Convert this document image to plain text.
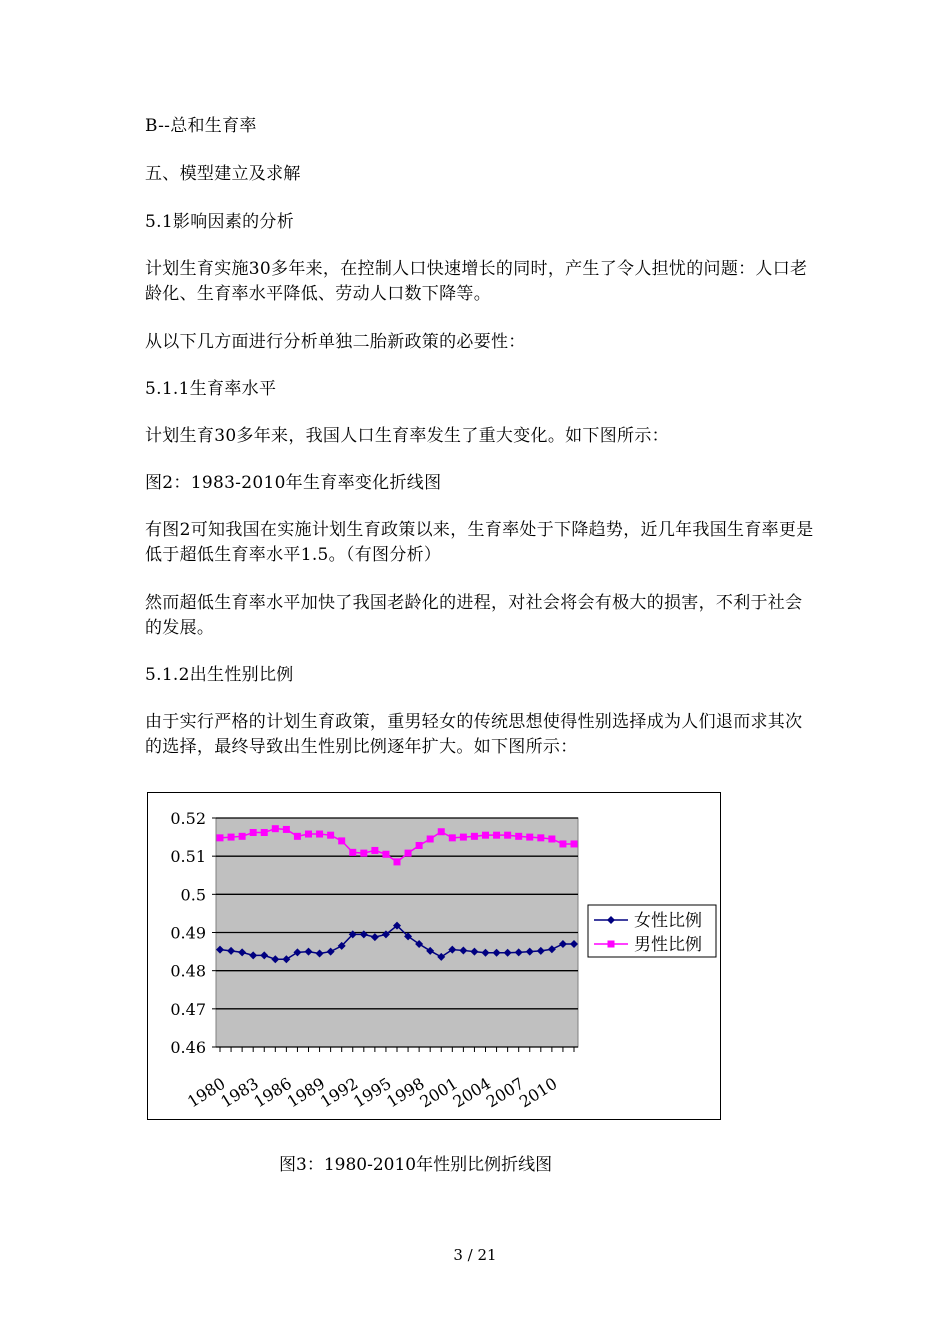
B--总和生育率

五、模型建立及求解

5.1影响因素的分析

计划生育实施30多年来，在控制人口快速增长的同时，产生了令人担忧的问题：人口老龄化、生育率水平降低、劳动人口数下降等。

从以下几方面进行分析单独二胎新政策的必要性：

5.1.1生育率水平

计划生育30多年来，我国人口生育率发生了重大变化。如下图所示：

图2：1983-2010年生育率变化折线图

有图2可知我国在实施计划生育政策以来，生育率处于下降趋势，近几年我国生育率更是低于超低生育率水平1.5。（有图分析）

然而超低生育率水平加快了我国老龄化的进程，对社会将会有极大的损害，不利于社会的发展。

5.1.2出生性别比例

由于实行严格的计划生育政策，重男轻女的传统思想使得性别选择成为人们退而求其次的选择，最终导致出生性别比例逐年扩大。如下图所示：

0.46
0.47
0.48
0.49
0.5
0.51
0.52
1980
1983
1986
1989
1992
1995
1998
2001
2004
2007
2010
女性比例
男性比例

图3：1980-2010年性别比例折线图

3 / 21
